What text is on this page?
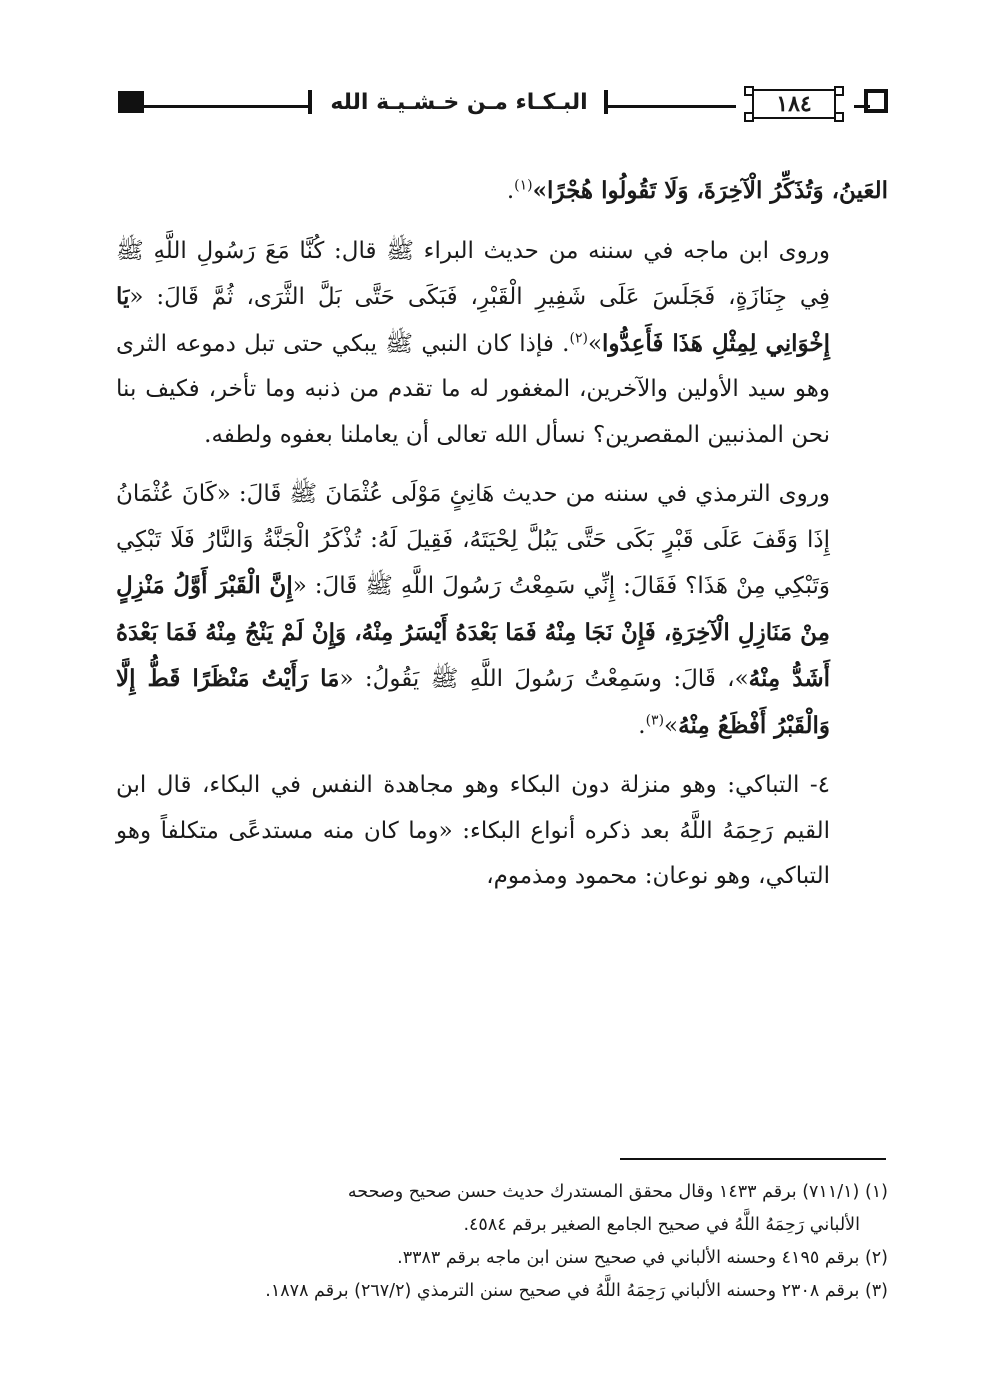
١٨٤
البـكـاء مـن خـشـيـة الله

العَينُ، وَتُذَكِّرُ الْآخِرَةَ، وَلَا تَقُولُوا هُجْرًا»$^{(١)}$.

وروى ابن ماجه في سننه من حديث البراء ﷺ قال: كُنَّا مَعَ رَسُولِ اللَّهِ ﷺ فِي جِنَازَةٍ، فَجَلَسَ عَلَى شَفِيرِ الْقَبْرِ، فَبَكَى حَتَّى بَلَّ الثَّرَى، ثُمَّ قَالَ: «يَا إِخْوَانِي لِمِثْلِ هَذَا فَأَعِدُّوا»$^{(٢)}$. فإذا كان النبي ﷺ يبكي حتى تبل دموعه الثرى وهو سيد الأولين والآخرين، المغفور له ما تقدم من ذنبه وما تأخر، فكيف بنا نحن المذنبين المقصرين؟ نسأل الله تعالى أن يعاملنا بعفوه ولطفه.

وروى الترمذي في سننه من حديث هَانِئٍ مَوْلَى عُثْمَانَ ﷺ قَالَ: «كَانَ عُثْمَانُ إِذَا وَقَفَ عَلَى قَبْرٍ بَكَى حَتَّى يَبُلَّ لِحْيَتَهُ، فَقِيلَ لَهُ: تُذْكَرُ الْجَنَّةُ وَالنَّارُ فَلَا تَبْكِي وَتَبْكِي مِنْ هَذَا؟ فَقَالَ: إِنِّي سَمِعْتُ رَسُولَ اللَّهِ ﷺ قَالَ: «إِنَّ الْقَبْرَ أَوَّلُ مَنْزِلٍ مِنْ مَنَازِلِ الْآخِرَةِ، فَإِنْ نَجَا مِنْهُ فَمَا بَعْدَهُ أَيْسَرُ مِنْهُ، وَإِنْ لَمْ يَنْجُ مِنْهُ فَمَا بَعْدَهُ أَشَدُّ مِنْهُ»، قَالَ: وسَمِعْتُ رَسُولَ اللَّهِ ﷺ يَقُولُ: «مَا رَأَيْتُ مَنْظَرًا قَطُّ إِلَّا وَالْقَبْرُ أَفْظَعُ مِنْهُ»$^{(٣)}$.

٤- التباكي: وهو منزلة دون البكاء وهو مجاهدة النفس في البكاء، قال ابن القيم رَحِمَهُ اللَّهُ بعد ذكره أنواع البكاء: «وما كان منه مستدعًى متكلفاً وهو التباكي، وهو نوعان: محمود ومذموم،

(١) (٧١١/١) برقم ١٤٣٣ وقال محقق المستدرك حديث حسن صحيح وصححه
الألباني رَحِمَهُ اللَّهُ في صحيح الجامع الصغير برقم ٤٥٨٤.

(٢) برقم ٤١٩٥ وحسنه الألباني في صحيح سنن ابن ماجه برقم ٣٣٨٣.

(٣) برقم ٢٣٠٨ وحسنه الألباني رَحِمَهُ اللَّهُ في صحيح سنن الترمذي (٢٦٧/٢) برقم ١٨٧٨.
